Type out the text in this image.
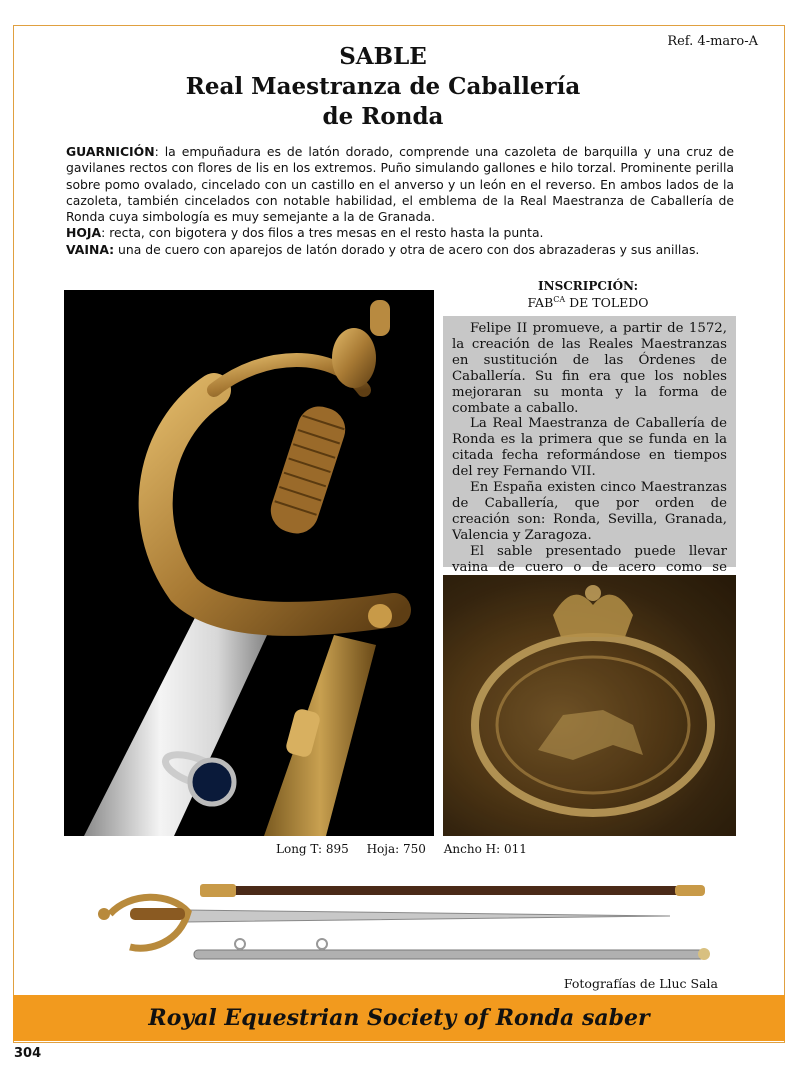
Ref. 4-maro-A
SABLE
Real Maestranza de Caballería
de Ronda
GUARNICIÓN: la empuñadura es de latón dorado, comprende una cazoleta de barquilla y una cruz de gavilanes rectos con flores de lis en los extremos. Puño simulando gallones e hilo torzal. Prominente perilla sobre pomo ovalado, cincelado con un castillo en el anverso y un león en el reverso. En ambos lados de la cazoleta, también cincelados con notable habilidad, el emblema de la Real Maestranza de Caballería de Ronda cuya simbología es muy semejante a la de Granada.
HOJA: recta, con bigotera y dos filos a tres mesas en el resto hasta la punta.
VAINA: una de cuero con aparejos de latón dorado y otra de acero con dos abrazaderas y sus anillas.
INSCRIPCIÓN:
$FAB^{CA}$ DE TOLEDO

Felipe II promueve, a partir de 1572, la creación de las Reales Maestranzas en sustitución de las Órdenes de Caballería. Su fin era que los nobles mejoraran su monta y la forma de combate a caballo.

La Real Maestranza de Caballería de Ronda es la primera que se funda en la citada fecha reformándose en tiempos del rey Fernando VII.

En España existen cinco Maestranzas de Caballería, que por orden de creación son: Ronda, Sevilla, Granada, Valencia y Zaragoza.

El sable presentado puede llevar vaina de cuero o de acero como se

Long T: 895 Hoja: 750 Ancho H: 011
Fotografías de Lluc Sala
Royal Equestrian Society of Ronda saber
304
